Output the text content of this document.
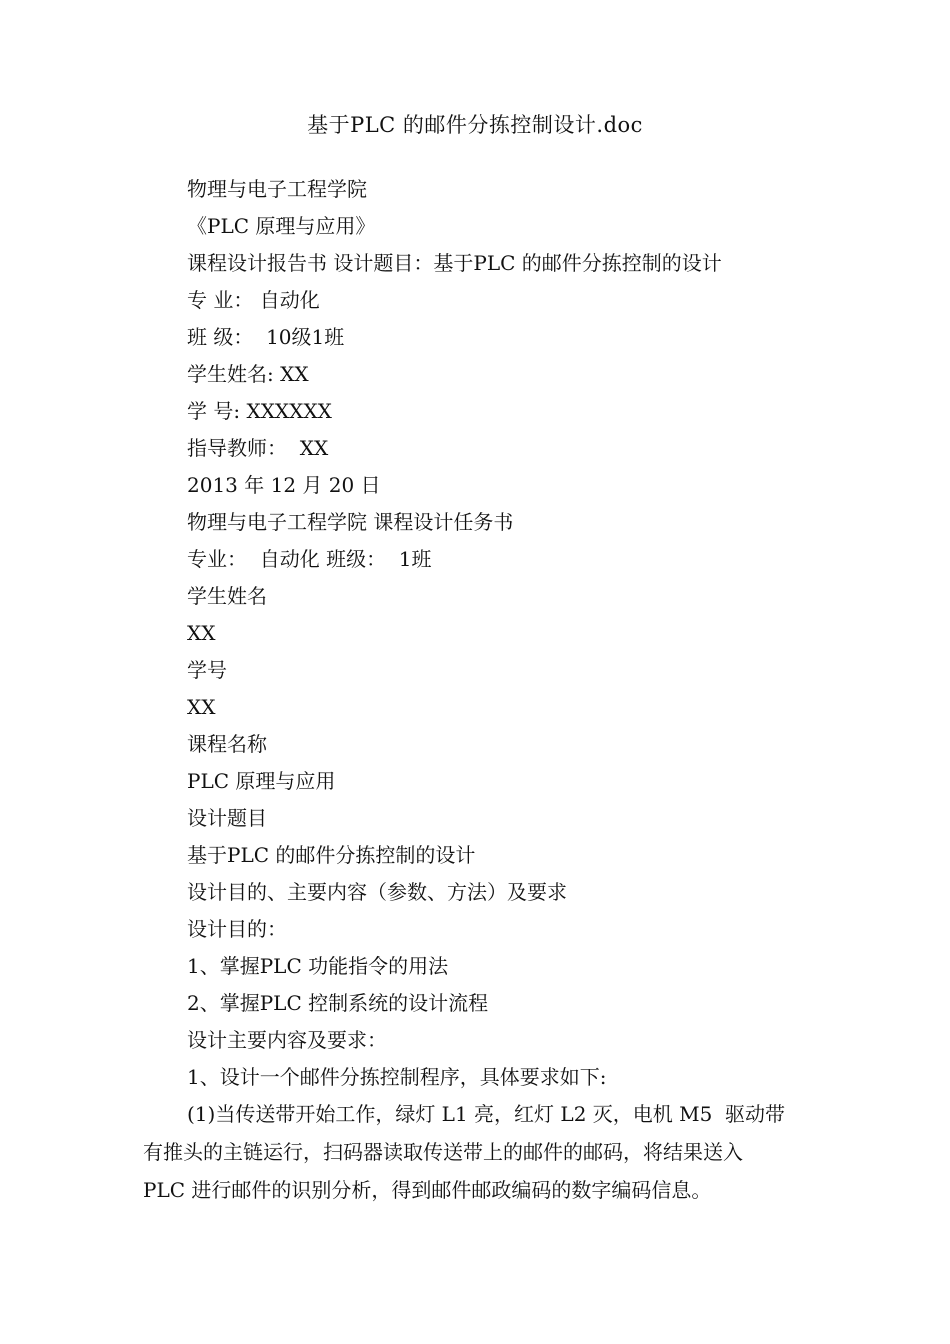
基于PLC 的邮件分拣控制设计.doc
物理与电子工程学院
《PLC 原理与应用》
课程设计报告书 设计题目：基于PLC 的邮件分拣控制的设计
专 业： 自动化
班 级：  10级1班
学生姓名: XX
学 号: XXXXXX
指导教师：  XX
2013 年 12 月 20 日
物理与电子工程学院 课程设计任务书
专业：  自动化 班级：  1班
学生姓名
XX
学号
XX
课程名称
PLC 原理与应用
设计题目
基于PLC 的邮件分拣控制的设计
设计目的、主要内容（参数、方法）及要求
设计目的：
1、掌握PLC 功能指令的用法
2、掌握PLC 控制系统的设计流程
设计主要内容及要求：
1、设计一个邮件分拣控制程序，具体要求如下:
(1)当传送带开始工作，绿灯 L1 亮，红灯 L2 灭，电机 M5  驱动带
有推头的主链运行，扫码器读取传送带上的邮件的邮码，将结果送入
PLC 进行邮件的识别分析，得到邮件邮政编码的数字编码信息。
